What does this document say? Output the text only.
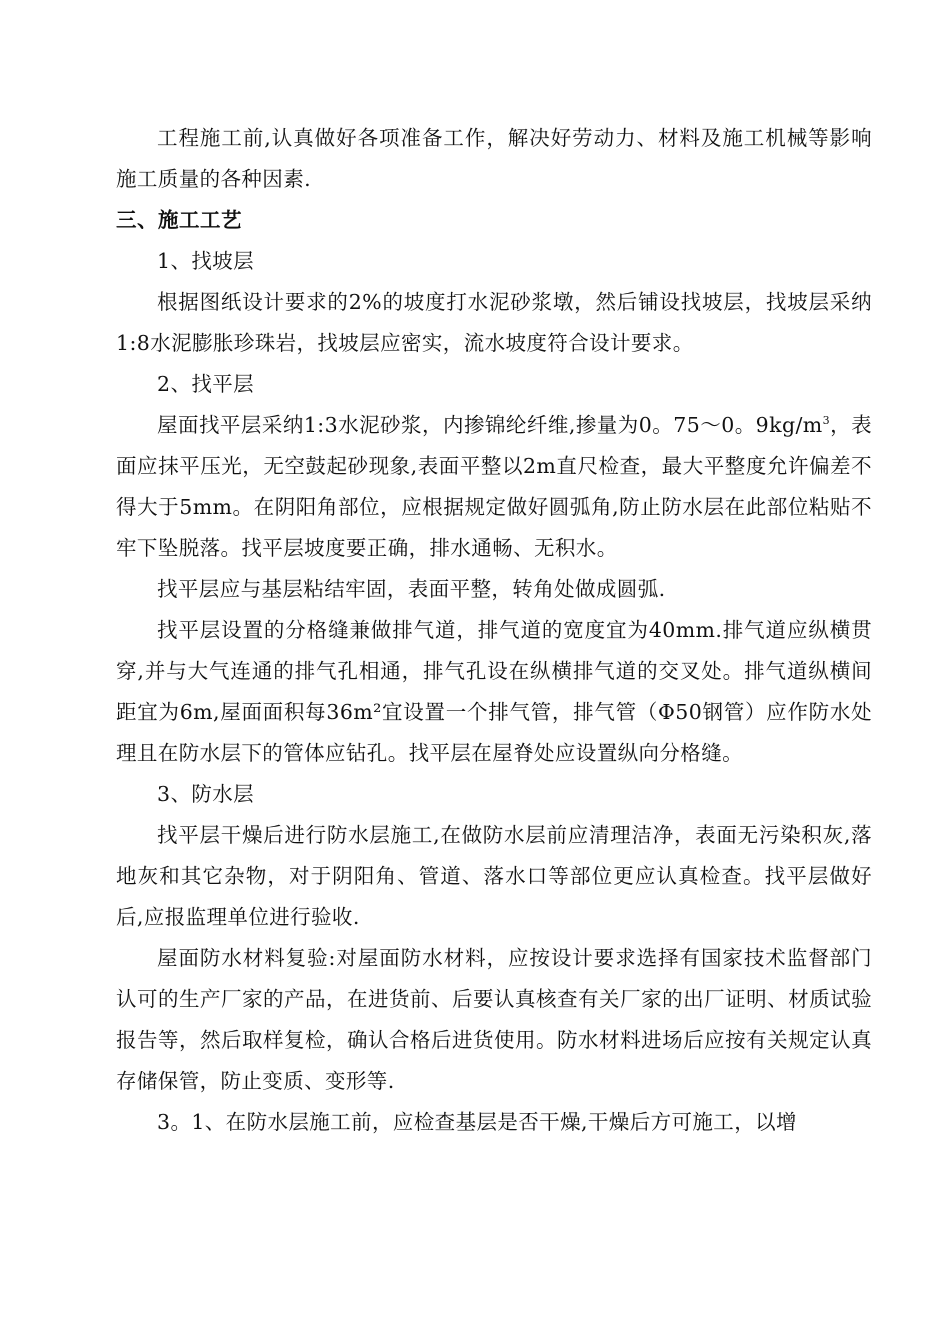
工程施工前,认真做好各项准备工作，解决好劳动力、材料及施工机械等影响施工质量的各种因素.

三、施工工艺

1、找坡层

根据图纸设计要求的2%的坡度打水泥砂浆墩，然后铺设找坡层，找坡层采纳1:8水泥膨胀珍珠岩，找坡层应密实，流水坡度符合设计要求。

2、找平层

屋面找平层采纳1:3水泥砂浆，内掺锦纶纤维,掺量为0。75～0。$9kg/m^3$，表面应抹平压光，无空鼓起砂现象,表面平整以2m直尺检查，最大平整度允许偏差不得大于5mm。在阴阳角部位，应根据规定做好圆弧角,防止防水层在此部位粘贴不牢下坠脱落。找平层坡度要正确，排水通畅、无积水。

找平层应与基层粘结牢固，表面平整，转角处做成圆弧.

找平层设置的分格缝兼做排气道，排气道的宽度宜为40mm.排气道应纵横贯穿,并与大气连通的排气孔相通，排气孔设在纵横排气道的交叉处。排气道纵横间距宜为6m,屋面面积每36m²宜设置一个排气管，排气管（Φ50钢管）应作防水处理且在防水层下的管体应钻孔。找平层在屋脊处应设置纵向分格缝。

3、防水层

找平层干燥后进行防水层施工,在做防水层前应清理洁净，表面无污染积灰,落地灰和其它杂物，对于阴阳角、管道、落水口等部位更应认真检查。找平层做好后,应报监理单位进行验收.

屋面防水材料复验:对屋面防水材料，应按设计要求选择有国家技术监督部门认可的生产厂家的产品，在进货前、后要认真核查有关厂家的出厂证明、材质试验报告等，然后取样复检，确认合格后进货使用。防水材料进场后应按有关规定认真存储保管，防止变质、变形等.

3。1、在防水层施工前，应检查基层是否干燥,干燥后方可施工，以增
